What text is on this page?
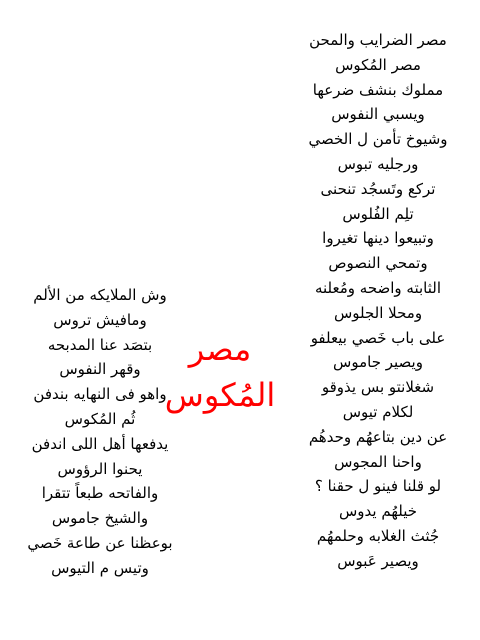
مصر
المُكوس
مصر الضرايب والمحن
مصر المُكوس
مملوك بنشف ضرعها
ويسبي النفوس
وشيوخ تأمن ل الخصي
ورجليه تبوس
تركع وتَسجُد تنحنى
تلِم الفُلوس
وتبيعوا دينها تغيروا
وتمحي النصوص
الثابته واضحه ومُعلنه
ومحلا الجلوس
على باب خَصي بيعلفو
ويصير جاموس
شغلانتو بس يذوقو
لكلام تيوس
عن دين بتاعهُم وحدهُم
واحنا المجوس
لو قلنا فينو ل حقنا ؟
خيلهُم يدوس
جُثث الغلابه وحلمهُم
ويصير عَبوس
وش الملايكه من الألم
ومافيش تروس
بتصَد عنا المدبحه
وقهر النفوس
واهو فى النهايه بندفن
ثُم المُكوس
يدفعها أهل اللى اندفن
يحنوا الرؤوس
والفاتحه طبعاً تتقرا
والشيخ جاموس
بوعظنا عن طاعة خَصي
وتيس م التيوس
